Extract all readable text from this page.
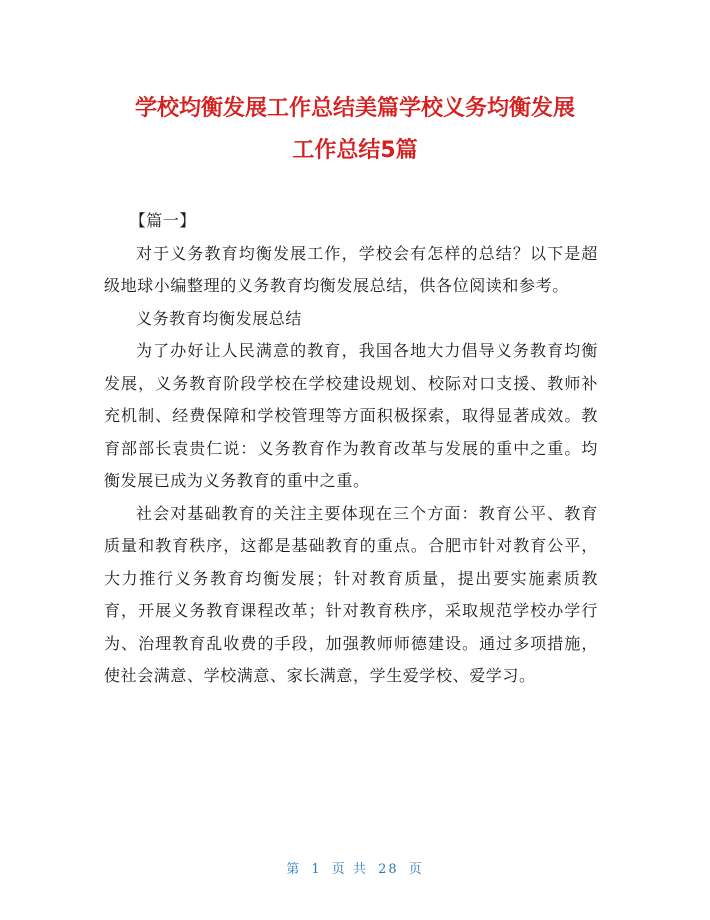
学校均衡发展工作总结美篇学校义务均衡发展
工作总结5篇

【篇一】

对于义务教育均衡发展工作，学校会有怎样的总结？以下是超级地球小编整理的义务教育均衡发展总结，供各位阅读和参考。

义务教育均衡发展总结

为了办好让人民满意的教育，我国各地大力倡导义务教育均衡发展，义务教育阶段学校在学校建设规划、校际对口支援、教师补充机制、经费保障和学校管理等方面积极探索，取得显著成效。教育部部长袁贵仁说：义务教育作为教育改革与发展的重中之重。均衡发展已成为义务教育的重中之重。

社会对基础教育的关注主要体现在三个方面：教育公平、教育质量和教育秩序，这都是基础教育的重点。合肥市针对教育公平，大力推行义务教育均衡发展；针对教育质量，提出要实施素质教育，开展义务教育课程改革；针对教育秩序，采取规范学校办学行为、治理教育乱收费的手段，加强教师师德建设。通过多项措施，使社会满意、学校满意、家长满意，学生爱学校、爱学习。

第 1 页 共 28 页
